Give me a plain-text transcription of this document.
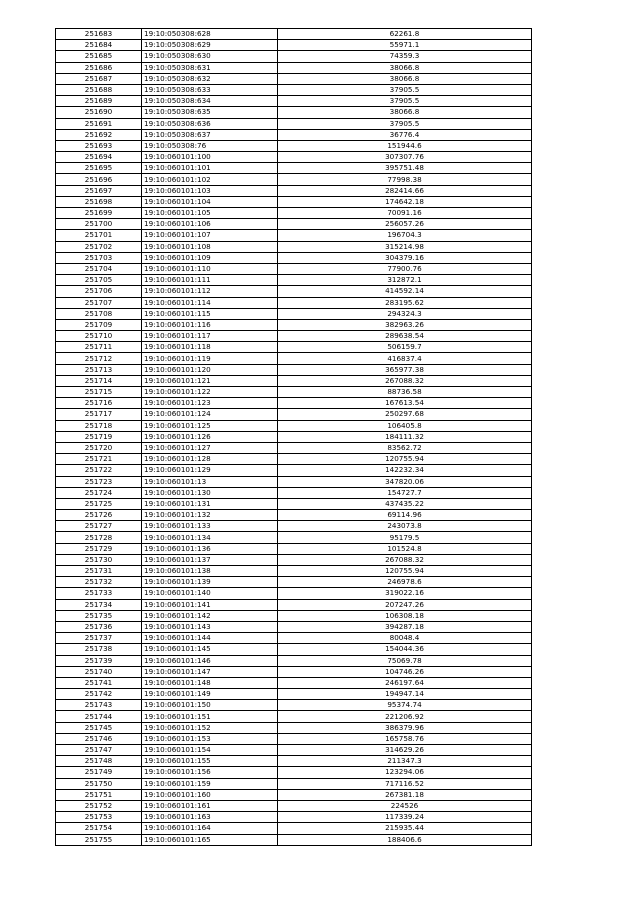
251683	19:10:050308:628	62261.8
251684	19:10:050308:629	55971.1
251685	19:10:050308:630	74359.3
251686	19:10:050308:631	38066.8
251687	19:10:050308:632	38066.8
251688	19:10:050308:633	37905.5
251689	19:10:050308:634	37905.5
251690	19:10:050308:635	38066.8
251691	19:10:050308:636	37905.5
251692	19:10:050308:637	36776.4
251693	19:10:050308:76	151944.6
251694	19:10:060101:100	307307.76
251695	19:10:060101:101	395751.48
251696	19:10:060101:102	77998.38
251697	19:10:060101:103	282414.66
251698	19:10:060101:104	174642.18
251699	19:10:060101:105	70091.16
251700	19:10:060101:106	256057.26
251701	19:10:060101:107	196704.3
251702	19:10:060101:108	315214.98
251703	19:10:060101:109	304379.16
251704	19:10:060101:110	77900.76
251705	19:10:060101:111	312872.1
251706	19:10:060101:112	414592.14
251707	19:10:060101:114	283195.62
251708	19:10:060101:115	294324.3
251709	19:10:060101:116	382963.26
251710	19:10:060101:117	289638.54
251711	19:10:060101:118	506159.7
251712	19:10:060101:119	416837.4
251713	19:10:060101:120	365977.38
251714	19:10:060101:121	267088.32
251715	19:10:060101:122	88736.58
251716	19:10:060101:123	167613.54
251717	19:10:060101:124	250297.68
251718	19:10:060101:125	106405.8
251719	19:10:060101:126	184111.32
251720	19:10:060101:127	83562.72
251721	19:10:060101:128	120755.94
251722	19:10:060101:129	142232.34
251723	19:10:060101:13	347820.06
251724	19:10:060101:130	154727.7
251725	19:10:060101:131	437435.22
251726	19:10:060101:132	69114.96
251727	19:10:060101:133	243073.8
251728	19:10:060101:134	95179.5
251729	19:10:060101:136	101524.8
251730	19:10:060101:137	267088.32
251731	19:10:060101:138	120755.94
251732	19:10:060101:139	246978.6
251733	19:10:060101:140	319022.16
251734	19:10:060101:141	207247.26
251735	19:10:060101:142	106308.18
251736	19:10:060101:143	394287.18
251737	19:10:060101:144	80048.4
251738	19:10:060101:145	154044.36
251739	19:10:060101:146	75069.78
251740	19:10:060101:147	104746.26
251741	19:10:060101:148	246197.64
251742	19:10:060101:149	194947.14
251743	19:10:060101:150	95374.74
251744	19:10:060101:151	221206.92
251745	19:10:060101:152	386379.96
251746	19:10:060101:153	165758.76
251747	19:10:060101:154	314629.26
251748	19:10:060101:155	211347.3
251749	19:10:060101:156	123294.06
251750	19:10:060101:159	717116.52
251751	19:10:060101:160	267381.18
251752	19:10:060101:161	224526
251753	19:10:060101:163	117339.24
251754	19:10:060101:164	215935.44
251755	19:10:060101:165	188406.6
